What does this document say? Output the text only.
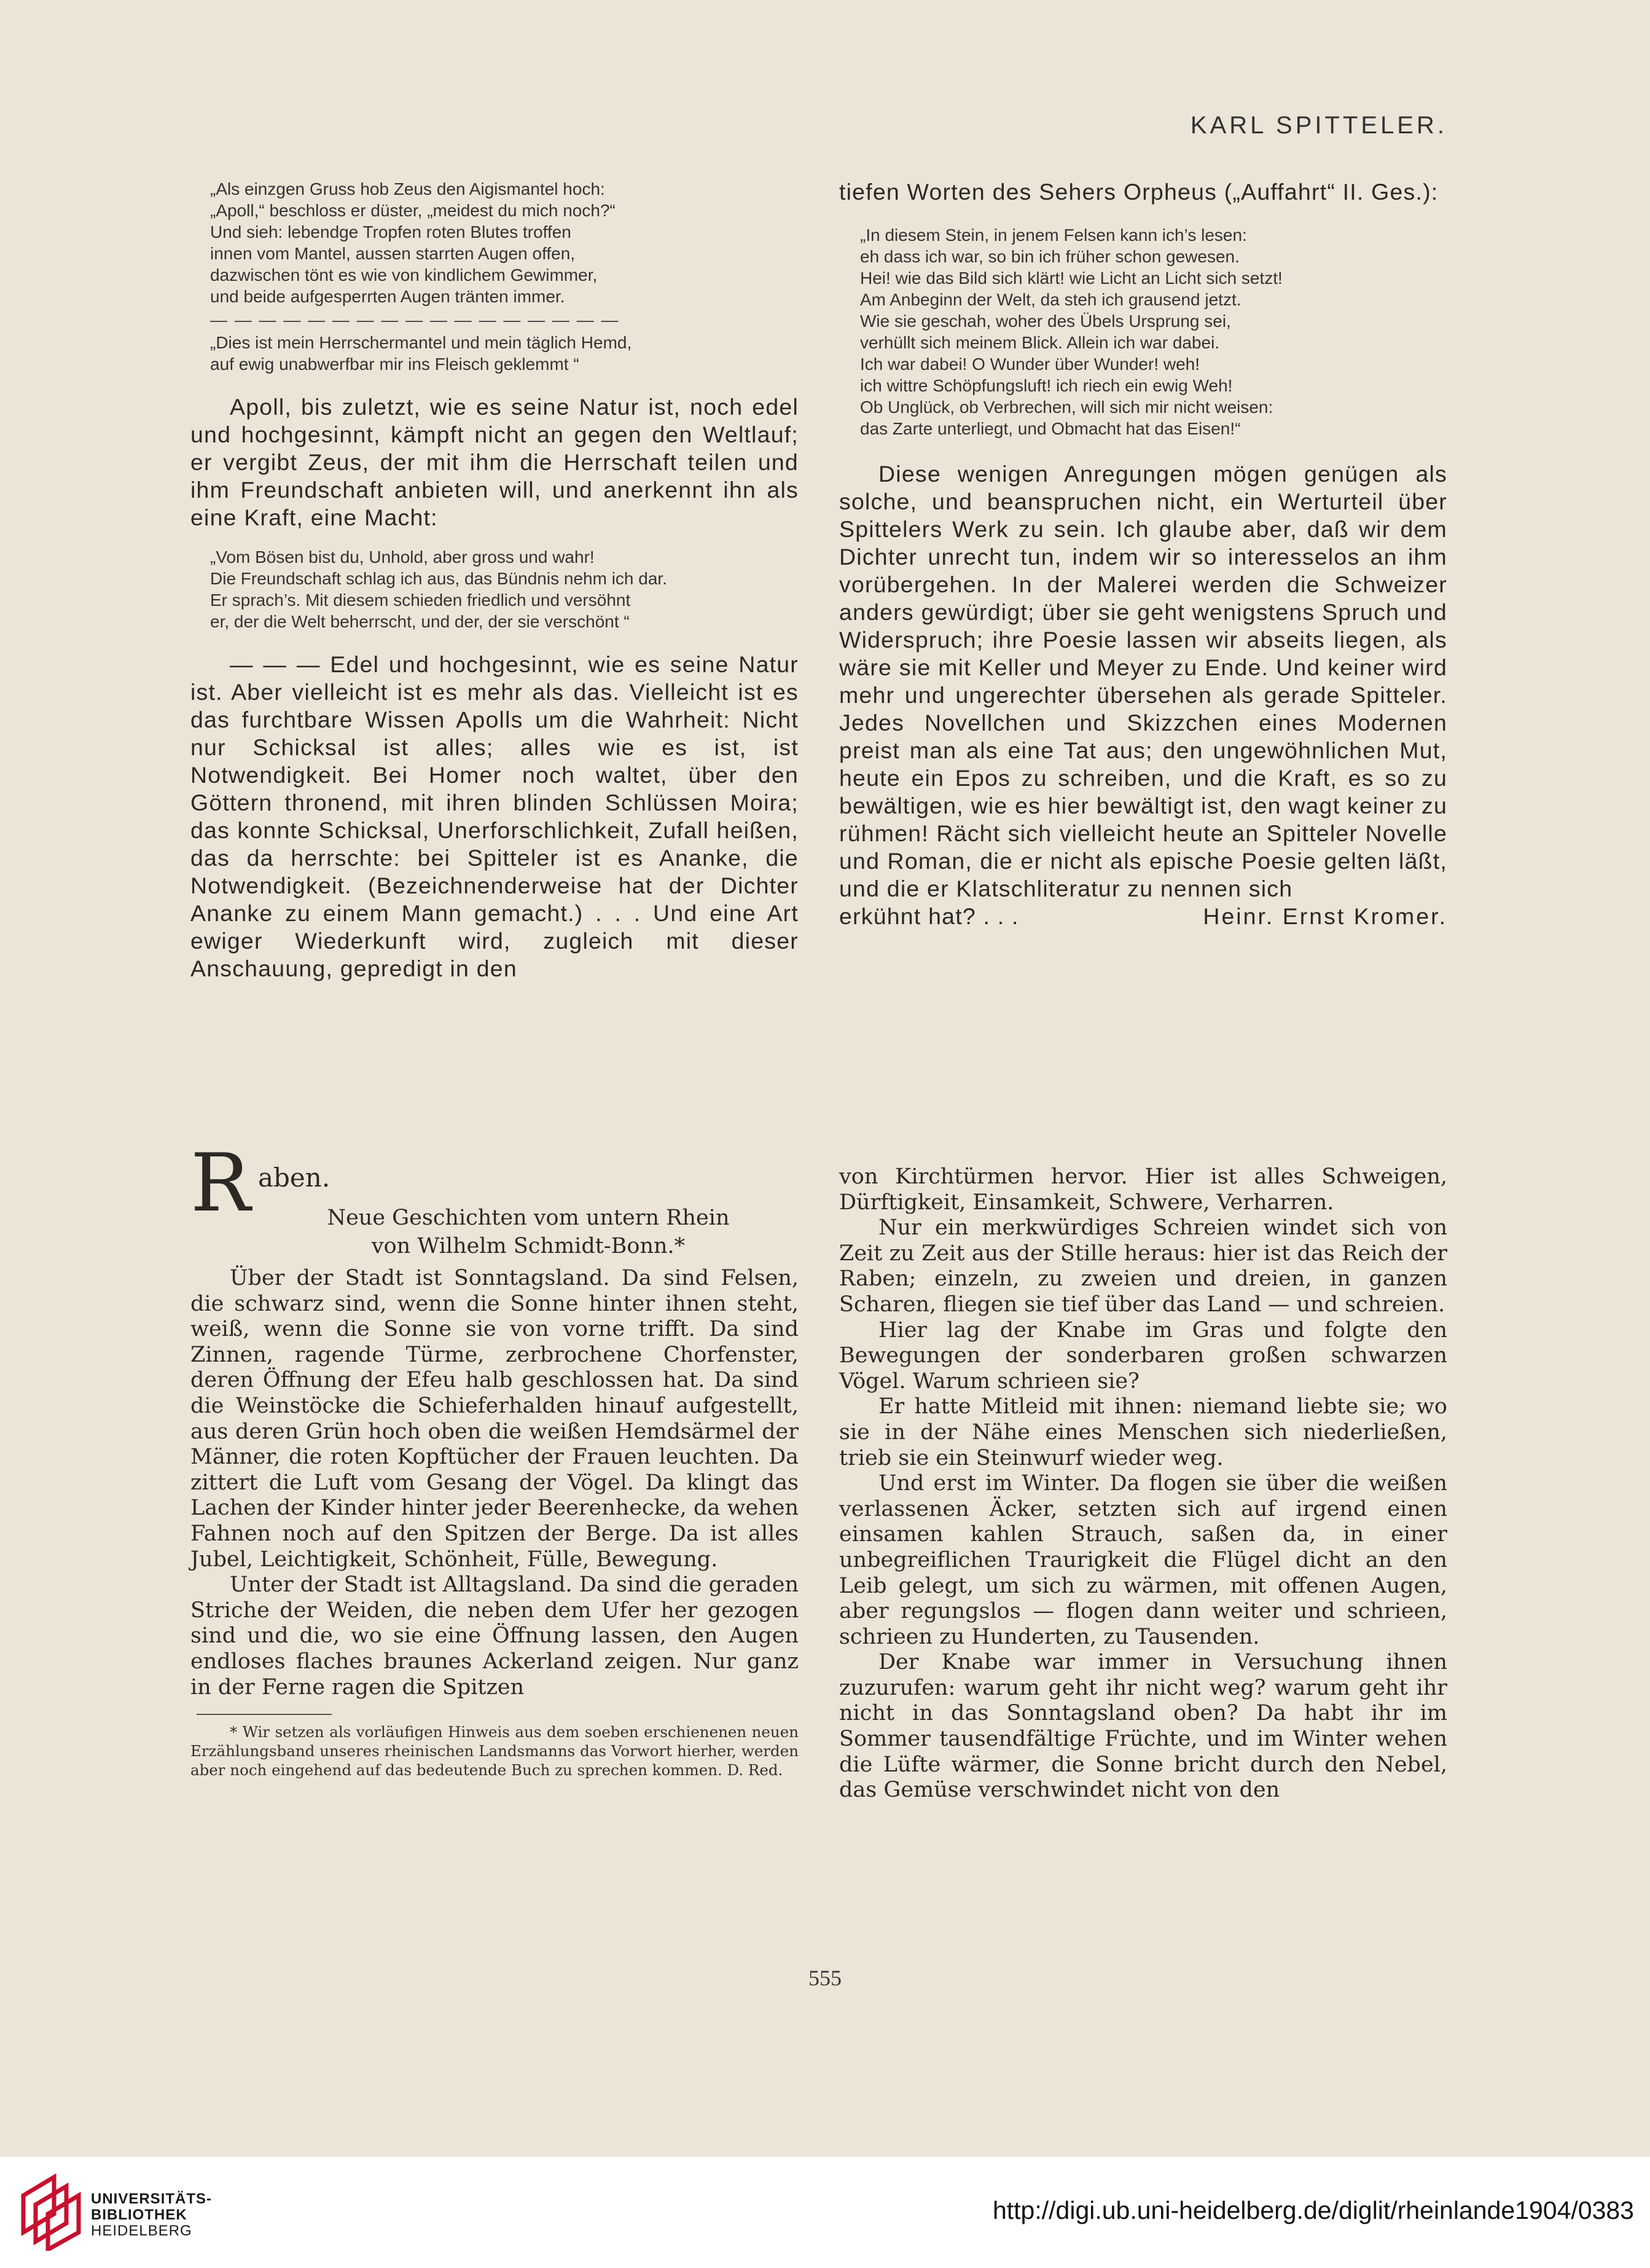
KARL SPITTELER.
„Als einzgen Gruss hob Zeus den Aigismantel hoch:
„Apoll,“ beschloss er düster, „meidest du mich noch?“
Und sieh: lebendge Tropfen roten Blutes troffen
innen vom Mantel, aussen starrten Augen offen,
dazwischen tönt es wie von kindlichem Gewimmer,
und beide aufgesperrten Augen tränten immer.
— — — — — — — — — — — — — — — — —
„Dies ist mein Herrschermantel und mein täglich Hemd,
auf ewig unabwerfbar mir ins Fleisch geklemmt “

Apoll, bis zuletzt, wie es seine Natur ist, noch edel und hochgesinnt, kämpft nicht an gegen den Weltlauf; er vergibt Zeus, der mit ihm die Herrschaft teilen und ihm Freundschaft anbieten will, und anerkennt ihn als eine Kraft, eine Macht:

„Vom Bösen bist du, Unhold, aber gross und wahr!
Die Freundschaft schlag ich aus, das Bündnis nehm ich dar.
Er sprach’s. Mit diesem schieden friedlich und versöhnt
er, der die Welt beherrscht, und der, der sie verschönt “

— — — Edel und hochgesinnt, wie es seine Natur ist. Aber vielleicht ist es mehr als das. Vielleicht ist es das furchtbare Wissen Apolls um die Wahrheit: Nicht nur Schicksal ist alles; alles wie es ist, ist Notwendigkeit. Bei Homer noch waltet, über den Göttern thronend, mit ihren blinden Schlüssen Moira; das konnte Schicksal, Unerforschlichkeit, Zufall heißen, das da herrschte: bei Spitteler ist es Ananke, die Notwendigkeit. (Bezeichnenderweise hat der Dichter Ananke zu einem Mann gemacht.) . . . Und eine Art ewiger Wiederkunft wird, zugleich mit dieser Anschauung, gepredigt in den

tiefen Worten des Sehers Orpheus („Auffahrt“ II. Ges.):

„In diesem Stein, in jenem Felsen kann ich’s lesen:
eh dass ich war, so bin ich früher schon gewesen.
Hei! wie das Bild sich klärt! wie Licht an Licht sich setzt!
Am Anbeginn der Welt, da steh ich grausend jetzt.
Wie sie geschah, woher des Übels Ursprung sei,
verhüllt sich meinem Blick. Allein ich war dabei.
Ich war dabei! O Wunder über Wunder! weh!
ich wittre Schöpfungsluft! ich riech ein ewig Weh!
Ob Unglück, ob Verbrechen, will sich mir nicht weisen:
das Zarte unterliegt, und Obmacht hat das Eisen!“

Diese wenigen Anregungen mögen genügen als solche, und beanspruchen nicht, ein Werturteil über Spittelers Werk zu sein. Ich glaube aber, daß wir dem Dichter unrecht tun, indem wir so interesselos an ihm vorübergehen. In der Malerei werden die Schweizer anders gewürdigt; über sie geht wenigstens Spruch und Widerspruch; ihre Poesie lassen wir abseits liegen, als wäre sie mit Keller und Meyer zu Ende. Und keiner wird mehr und ungerechter übersehen als gerade Spitteler. Jedes Novellchen und Skizzchen eines Modernen preist man als eine Tat aus; den ungewöhnlichen Mut, heute ein Epos zu schreiben, und die Kraft, es so zu bewältigen, wie es hier bewältigt ist, den wagt keiner zu rühmen! Rächt sich vielleicht heute an Spitteler Novelle und Roman, die er nicht als epische Poesie gelten läßt, und die er Klatschliteratur zu nennen sich

erkühnt hat? . . .	Heinr. Ernst Kromer.
R aben.
Neue Geschichten vom untern Rhein
von Wilhelm Schmidt-Bonn.*

Über der Stadt ist Sonntagsland. Da sind Felsen, die schwarz sind, wenn die Sonne hinter ihnen steht, weiß, wenn die Sonne sie von vorne trifft. Da sind Zinnen, ragende Türme, zerbrochene Chorfenster, deren Öffnung der Efeu halb geschlossen hat. Da sind die Weinstöcke die Schieferhalden hinauf aufgestellt, aus deren Grün hoch oben die weißen Hemdsärmel der Männer, die roten Kopftücher der Frauen leuchten. Da zittert die Luft vom Gesang der Vögel. Da klingt das Lachen der Kinder hinter jeder Beerenhecke, da wehen Fahnen noch auf den Spitzen der Berge. Da ist alles Jubel, Leichtigkeit, Schönheit, Fülle, Bewegung.

Unter der Stadt ist Alltagsland. Da sind die geraden Striche der Weiden, die neben dem Ufer her gezogen sind und die, wo sie eine Öffnung lassen, den Augen endloses flaches braunes Ackerland zeigen. Nur ganz in der Ferne ragen die Spitzen

* Wir setzen als vorläufigen Hinweis aus dem soeben erschienenen neuen Erzählungsband unseres rheinischen Landsmanns das Vorwort hierher, werden aber noch eingehend auf das bedeutende Buch zu sprechen kommen. D. Red.

von Kirchtürmen hervor. Hier ist alles Schweigen, Dürftigkeit, Einsamkeit, Schwere, Verharren.

Nur ein merkwürdiges Schreien windet sich von Zeit zu Zeit aus der Stille heraus: hier ist das Reich der Raben; einzeln, zu zweien und dreien, in ganzen Scharen, fliegen sie tief über das Land — und schreien.

Hier lag der Knabe im Gras und folgte den Bewegungen der sonderbaren großen schwarzen Vögel. Warum schrieen sie?

Er hatte Mitleid mit ihnen: niemand liebte sie; wo sie in der Nähe eines Menschen sich niederließen, trieb sie ein Steinwurf wieder weg.

Und erst im Winter. Da flogen sie über die weißen verlassenen Äcker, setzten sich auf irgend einen einsamen kahlen Strauch, saßen da, in einer unbegreiflichen Traurigkeit die Flügel dicht an den Leib gelegt, um sich zu wärmen, mit offenen Augen, aber regungslos — flogen dann weiter und schrieen, schrieen zu Hunderten, zu Tausenden.

Der Knabe war immer in Versuchung ihnen zuzurufen: warum geht ihr nicht weg? warum geht ihr nicht in das Sonntagsland oben? Da habt ihr im Sommer tausendfältige Früchte, und im Winter wehen die Lüfte wärmer, die Sonne bricht durch den Nebel, das Gemüse verschwindet nicht von den

555
UNIVERSITÄTS-
BIBLIOTHEK
HEIDELBERG
http://digi.ub.uni-heidelberg.de/diglit/rheinlande1904/0383
